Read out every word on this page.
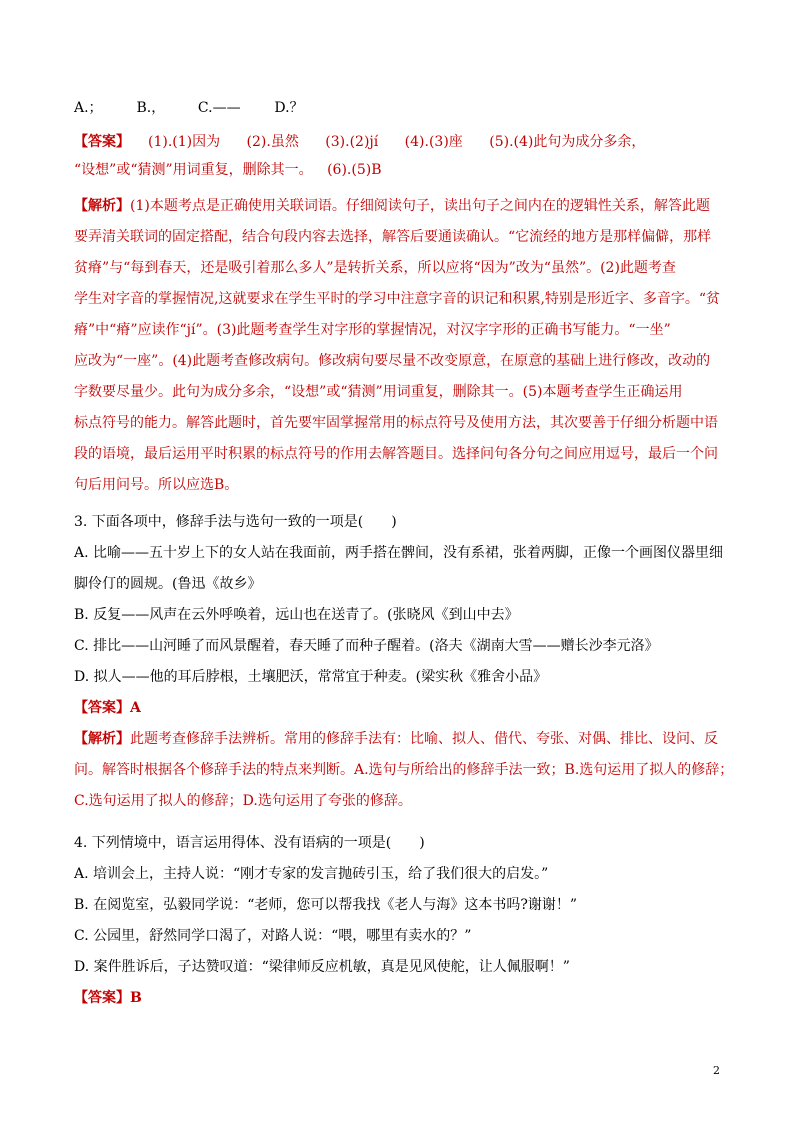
A.； B.， C.—— D.？
【答案】 (1).(1)因为 (2).虽然 (3).(2)jí (4).(3)座 (5).(4)此句为成分多余，
“设想”或“猜测”用词重复，删除其一。 (6).(5)B
【解析】(1)本题考点是正确使用关联词语。仔细阅读句子，读出句子之间内在的逻辑性关系，解答此题
要弄清关联词的固定搭配，结合句段内容去选择，解答后要通读确认。“它流经的地方是那样偏僻，那样
贫瘠”与“每到春天，还是吸引着那么多人”是转折关系，所以应将“因为”改为“虽然”。(2)此题考查
学生对字音的掌握情况,这就要求在学生平时的学习中注意字音的识记和积累,特别是形近字、多音字。“贫
瘠”中“瘠”应读作“jí”。(3)此题考查学生对字形的掌握情况，对汉字字形的正确书写能力。“一坐”
应改为“一座”。(4)此题考查修改病句。修改病句要尽量不改变原意，在原意的基础上进行修改，改动的
字数要尽量少。此句为成分多余，“设想”或“猜测”用词重复，删除其一。(5)本题考查学生正确运用
标点符号的能力。解答此题时，首先要牢固掌握常用的标点符号及使用方法，其次要善于仔细分析题中语
段的语境，最后运用平时积累的标点符号的作用去解答题目。选择问句各分句之间应用逗号，最后一个问
句后用问号。所以应选B。
3. 下面各项中，修辞手法与选句一致的一项是(　　)
A. 比喻——五十岁上下的女人站在我面前，两手搭在髀间，没有系裙，张着两脚，正像一个画图仪器里细
脚伶仃的圆规。(鲁迅《故乡》
B. 反复——风声在云外呼唤着，远山也在送青了。(张晓风《到山中去》
C. 排比——山河睡了而风景醒着，春天睡了而种子醒着。(洛夫《湖南大雪——赠长沙李元洛》
D. 拟人——他的耳后脖根，土壤肥沃，常常宜于种麦。(梁实秋《雅舍小品》
【答案】A
【解析】此题考查修辞手法辨析。常用的修辞手法有：比喻、拟人、借代、夸张、对偶、排比、设问、反
问。解答时根据各个修辞手法的特点来判断。A.选句与所给出的修辞手法一致；B.选句运用了拟人的修辞；
C.选句运用了拟人的修辞；D.选句运用了夸张的修辞。
4. 下列情境中，语言运用得体、没有语病的一项是(　　)
A. 培训会上，主持人说：“刚才专家的发言抛砖引玉，给了我们很大的启发。”
B. 在阅览室，弘毅同学说：“老师，您可以帮我找《老人与海》这本书吗?谢谢！”
C. 公园里，舒然同学口渴了，对路人说：“喂，哪里有卖水的？”
D. 案件胜诉后，子达赞叹道：“梁律师反应机敏，真是见风使舵，让人佩服啊！”
【答案】B
2
